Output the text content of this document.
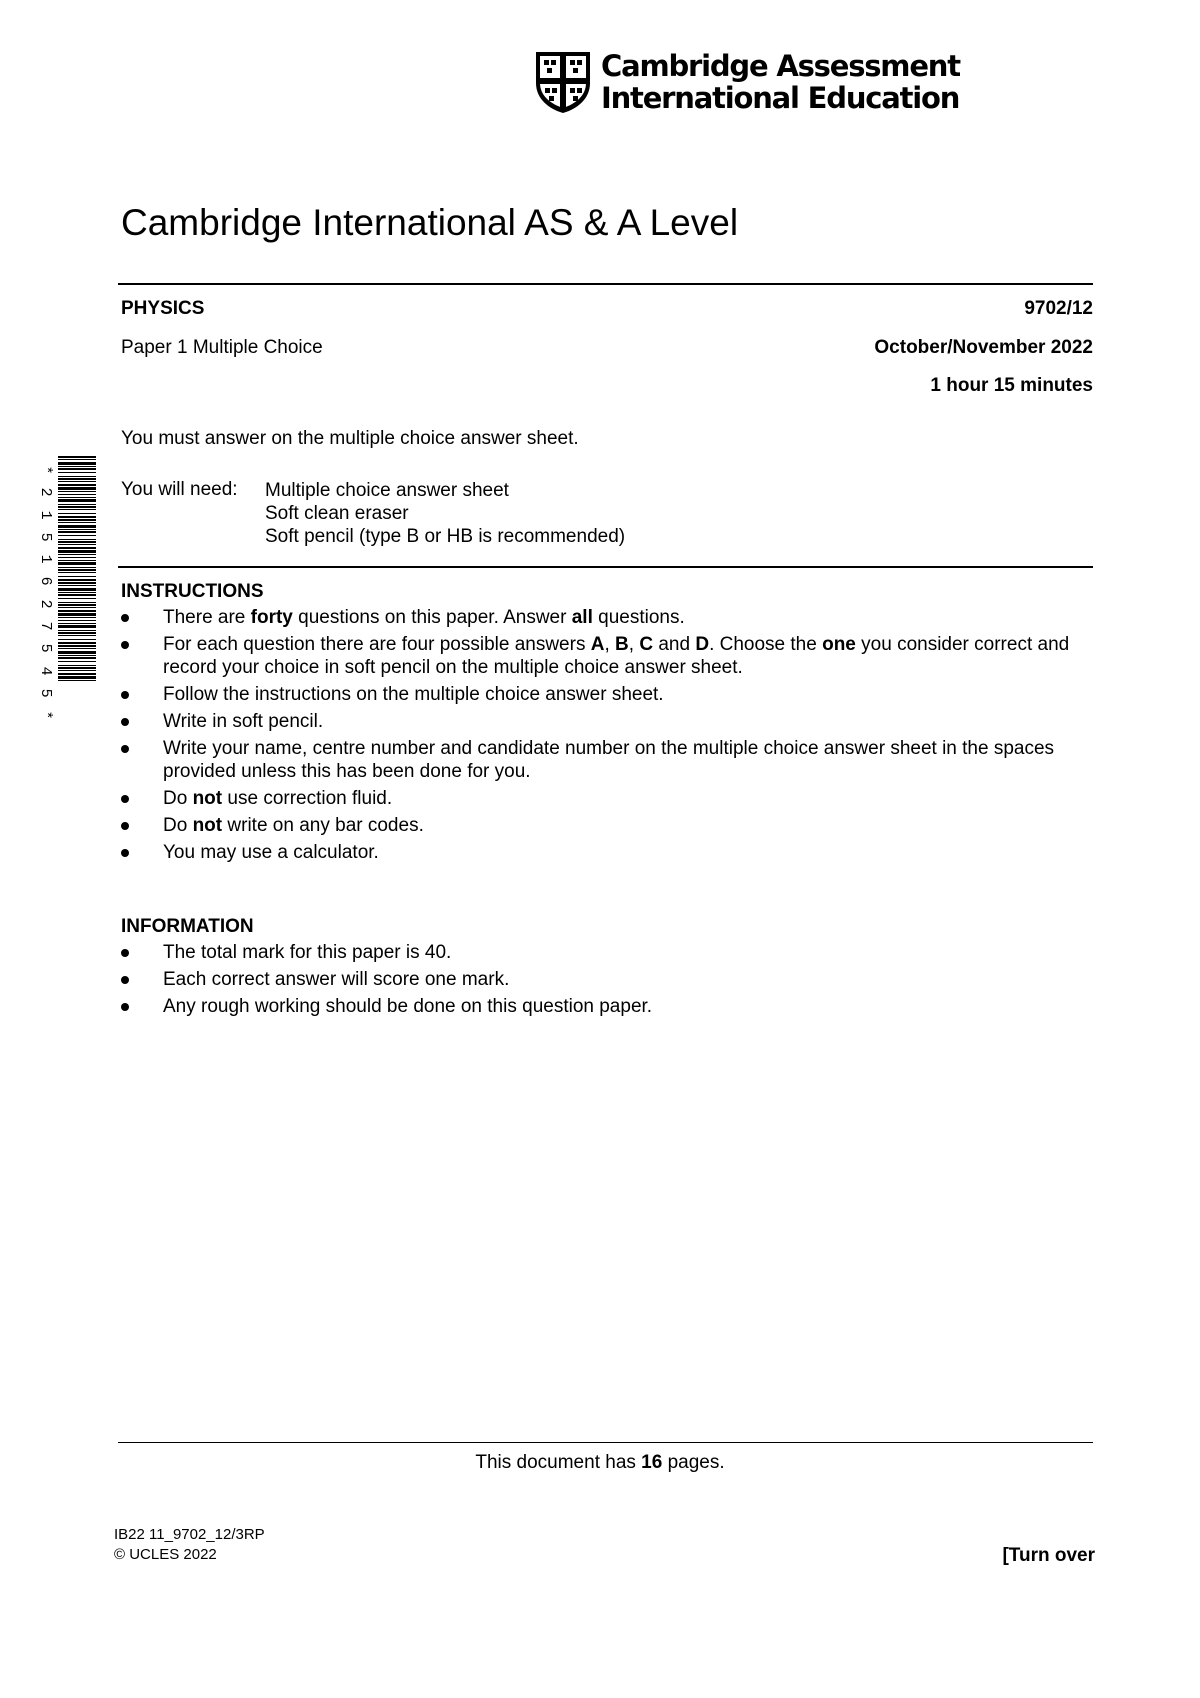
Cambridge Assessment
International Education
Cambridge International AS & A Level
PHYSICS	9702/12
Paper 1 Multiple Choice	October/November 2022
1 hour 15 minutes
You must answer on the multiple choice answer sheet.
You will need: Multiple choice answer sheet
Soft clean eraser
Soft pencil (type B or HB is recommended)
*
2
1
5
1
6
2
7
5
4
5
*
INSTRUCTIONS
There are forty questions on this paper. Answer all questions.
For each question there are four possible answers A, B, C and D. Choose the one you consider correct and record your choice in soft pencil on the multiple choice answer sheet.
Follow the instructions on the multiple choice answer sheet.
Write in soft pencil.
Write your name, centre number and candidate number on the multiple choice answer sheet in the spaces provided unless this has been done for you.
Do not use correction fluid.
Do not write on any bar codes.
You may use a calculator.
INFORMATION
The total mark for this paper is 40.
Each correct answer will score one mark.
Any rough working should be done on this question paper.
This document has 16 pages.
IB22 11_9702_12/3RP
© UCLES 2022	[Turn over
